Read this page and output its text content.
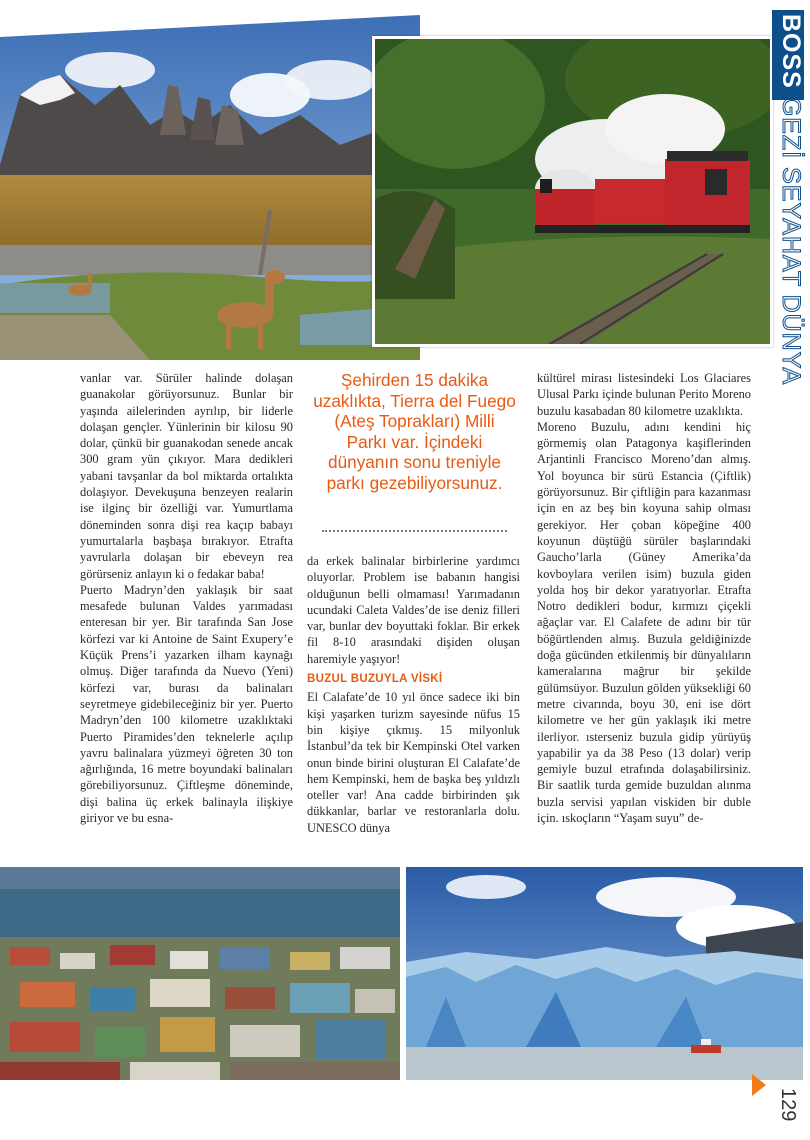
BOSS GEZİ SEYAHAT DÜNYA

vanlar var. Sürüler halinde dolaşan guanakolar görüyorsunuz. Bunlar bir yaşında ailelerinden ayrılıp, bir liderle dolaşan gençler. Yünlerinin bir kilosu 90 dolar, çünkü bir guanakodan senede ancak 300 gram yün çıkıyor. Mara dedikleri yabani tavşanlar da bol miktarda ortalıkta dolaşıyor. Devekuşuna benzeyen realarin ise ilginç bir özelliği var. Yumurtlama döneminden sonra dişi rea kaçıp babayı yumurtalarla başbaşa bırakıyor. Etrafta yavrularla dolaşan bir ebeveyn rea görürseniz anlayın ki o fedakar baba!

Puerto Madryn’den yaklaşık bir saat mesafede bulunan Valdes yarımadası enteresan bir yer. Bir tarafında San Jose körfezi var ki Antoine de Saint Exupery’e Küçük Prens’i yazarken ilham kaynağı olmuş. Diğer tarafında da Nuevo (Yeni) körfezi var, burası da balinaları seyretmeye gidebileceğiniz bir yer. Puerto Madryn’den 100 kilometre uzaklıktaki Puerto Piramides’den teknelerle açılıp yavru balinalara yüzmeyi öğreten 30 ton ağırlığında, 16 metre boyundaki balinaları görebiliyorsunuz. Çiftleşme döneminde, dişi balina üç erkek balinayla ilişkiye giriyor ve bu esna-

Şehirden 15 dakika uzaklıkta, Tierra del Fuego (Ateş Toprakları) Milli Parkı var. İçindeki dünyanın sonu treniyle parkı gezebiliyorsunuz.

da erkek balinalar birbirlerine yardımcı oluyorlar. Problem ise babanın hangisi olduğunun belli olmaması! Yarımadanın ucundaki Caleta Valdes’de ise deniz filleri var, bunlar dev boyuttaki foklar. Bir erkek fil 8-10 arasındaki dişiden oluşan haremiyle yaşıyor!

BUZUL BUZUYLA VİSKİ

El Calafate’de 10 yıl önce sadece iki bin kişi yaşarken turizm sayesinde nüfus 15 bin kişiye çıkmış. 15 milyonluk İstanbul’da tek bir Kempinski Otel varken onun binde birini oluşturan El Calafate’de hem Kempinski, hem de başka beş yıldızlı oteller var! Ana cadde birbirinden şık dükkanlar, barlar ve restoranlarla dolu. UNESCO dünya

kültürel mirası listesindeki Los Glaciares Ulusal Parkı içinde bulunan Perito Moreno buzulu kasabadan 80 kilometre uzaklıkta.

Moreno Buzulu, adını kendini hiç görmemiş olan Patagonya kaşiflerinden Arjantinli Francisco Moreno’dan almış. Yol boyunca bir sürü Estancia (Çiftlik) görüyorsunuz. Bir çiftliğin para kazanması için en az beş bin koyuna sahip olması gerekiyor. Her çoban köpeğine 400 koyunun düştüğü sürüler başlarındaki Gaucho’larla (Güney Amerika’da kovboylara verilen isim) buzula giden yolda hoş bir dekor yaratıyorlar. Etrafta Notro dedikleri bodur, kırmızı çiçekli ağaçlar var. El Calafete de adını bir tür böğürtlenden almış. Buzula geldiğinizde doğa gücünden etkilenmiş bir dünyalıların kameralarına mağrur bir şekilde gülümsüyor. Buzulun gölden yüksekliği 60 metre civarında, boyu 30, eni ise dört kilometre ve her gün yaklaşık iki metre ilerliyor. ısterseniz buzula gidip yürüyüş yapabilir ya da 38 Peso (13 dolar) verip gemiyle buzul etrafında dolaşabilirsiniz. Bir saatlik turda gemide buzuldan alınma buzla servisi yapılan viskiden bir duble için. ıskoçların “Yaşam suyu” de-

129
